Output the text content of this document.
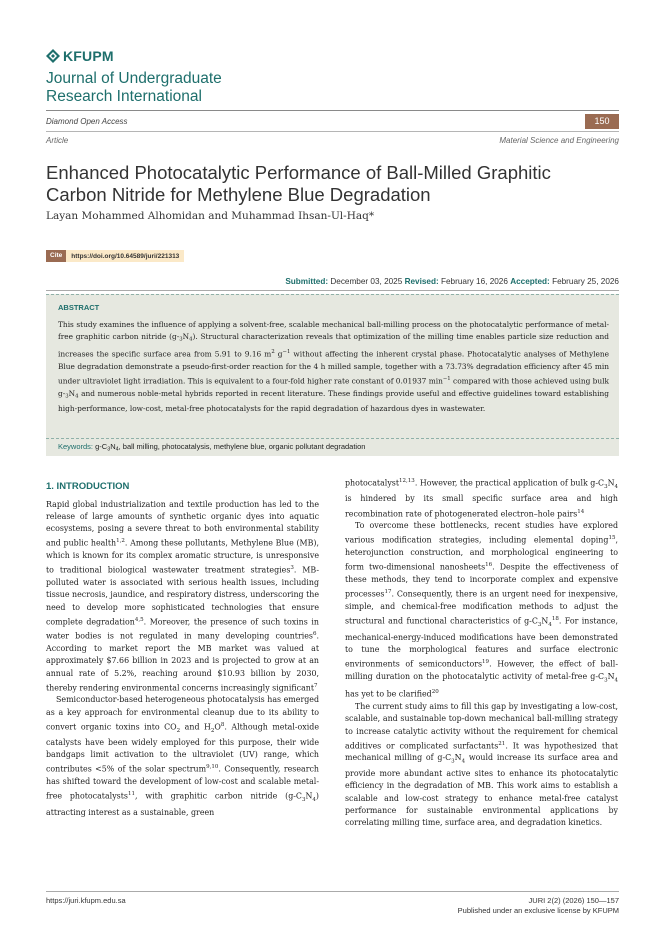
KFUPM
Journal of Undergraduate
Research International
Diamond Open Access	150
Article	Material Science and Engineering
Enhanced Photocatalytic Performance of Ball-Milled Graphitic Carbon Nitride for Methylene Blue Degradation
Layan Mohammed Alhomidan and Muhammad Ihsan-Ul-Haq*
Cite	https://doi.org/10.64589/juri/221313
Submitted: December 03, 2025 Revised: February 16, 2026 Accepted: February 25, 2026
ABSTRACT

This study examines the influence of applying a solvent-free, scalable mechanical ball-milling process on the photocatalytic performance of metal-free graphitic carbon nitride (g-3N4). Structural characterization reveals that optimization of the milling time enables particle size reduction and increases the specific surface area from 5.91 to 9.16 $m^2$ $g^{-1}$ without affecting the inherent crystal phase. Photocatalytic analyses of Methylene Blue degradation demonstrate a pseudo-first-order reaction for the 4 h milled sample, together with a 73.73% degradation efficiency after 45 min under ultraviolet light irradiation. This is equivalent to a four-fold higher rate constant of 0.01937 $\min^{-1}$ compared with those achieved using bulk g-3N4 and numerous noble-metal hybrids reported in recent literature. These findings provide useful and effective guidelines toward establishing high-performance, low-cost, metal-free photocatalysts for the rapid degradation of hazardous dyes in wastewater.

Keywords: g-C3N4, ball milling, photocatalysis, methylene blue, organic pollutant degradation
1. INTRODUCTION

Rapid global industrialization and textile production has led to the release of large amounts of synthetic organic dyes into aquatic ecosystems, posing a severe threat to both environmental stability and public health$^{1,2}$. Among these pollutants, Methylene Blue (MB), which is known for its complex aromatic structure, is unresponsive to traditional biological wastewater treatment strategies$^3$. MB-polluted water is associated with serious health issues, including tissue necrosis, jaundice, and respiratory distress, underscoring the need to develop more sophisticated technologies that ensure complete degradation$^{4,5}$. Moreover, the presence of such toxins in water bodies is not regulated in many developing countries$^6$. According to market report the MB market was valued at approximately $7.66 billion in 2023 and is projected to grow at an annual rate of 5.2%, reaching around $10.93 billion by 2030, thereby rendering environmental concerns increasingly significant$^7$

Semiconductor-based heterogeneous photocatalysis has emerged as a key approach for environmental cleanup due to its ability to convert organic toxins into $CO_2$ and $H_2O^8$. Although metal-oxide catalysts have been widely employed for this purpose, their wide bandgaps limit activation to the ultraviolet (UV) range, which contributes <5% of the solar spectrum$^{9,10}$. Consequently, research has shifted toward the development of low-cost and scalable metal-free photocatalysts$^{11}$, with graphitic carbon nitride $(g-C_3N_4)$ attracting interest as a sustainable, green

photocatalyst$^{12,13}$. However, the practical application of bulk $g-C_3N_4$ is hindered by its small specific surface area and high recombination rate of photogenerated electron–hole pairs$^{14}$

To overcome these bottlenecks, recent studies have explored various modification strategies, including elemental doping$^{15}$, heterojunction construction, and morphological engineering to form two-dimensional nanosheets$^{16}$. Despite the effectiveness of these methods, they tend to incorporate complex and expensive processes$^{17}$. Consequently, there is an urgent need for inexpensive, simple, and chemical-free modification methods to adjust the structural and functional characteristics of $g-C_3N_4^{18}$. For instance, mechanical-energy-induced modifications have been demonstrated to tune the morphological features and surface electronic environments of semiconductors$^{19}$. However, the effect of ball-milling duration on the photocatalytic activity of metal-free $g-C_3N_4$ has yet to be clarified$^{20}$

The current study aims to fill this gap by investigating a low-cost, scalable, and sustainable top-down mechanical ball-milling strategy to increase catalytic activity without the requirement for chemical additives or complicated surfactants$^{21}$. It was hypothesized that mechanical milling of $g-C_3N_4$ would increase its surface area and provide more abundant active sites to enhance its photocatalytic efficiency in the degradation of MB. This work aims to establish a scalable and low-cost strategy to enhance metal-free catalyst performance for sustainable environmental applications by correlating milling time, surface area, and degradation kinetics.

https://juri.kfupm.edu.sa	JURI 2(2) (2026) 150—157
Published under an exclusive license by KFUPM
